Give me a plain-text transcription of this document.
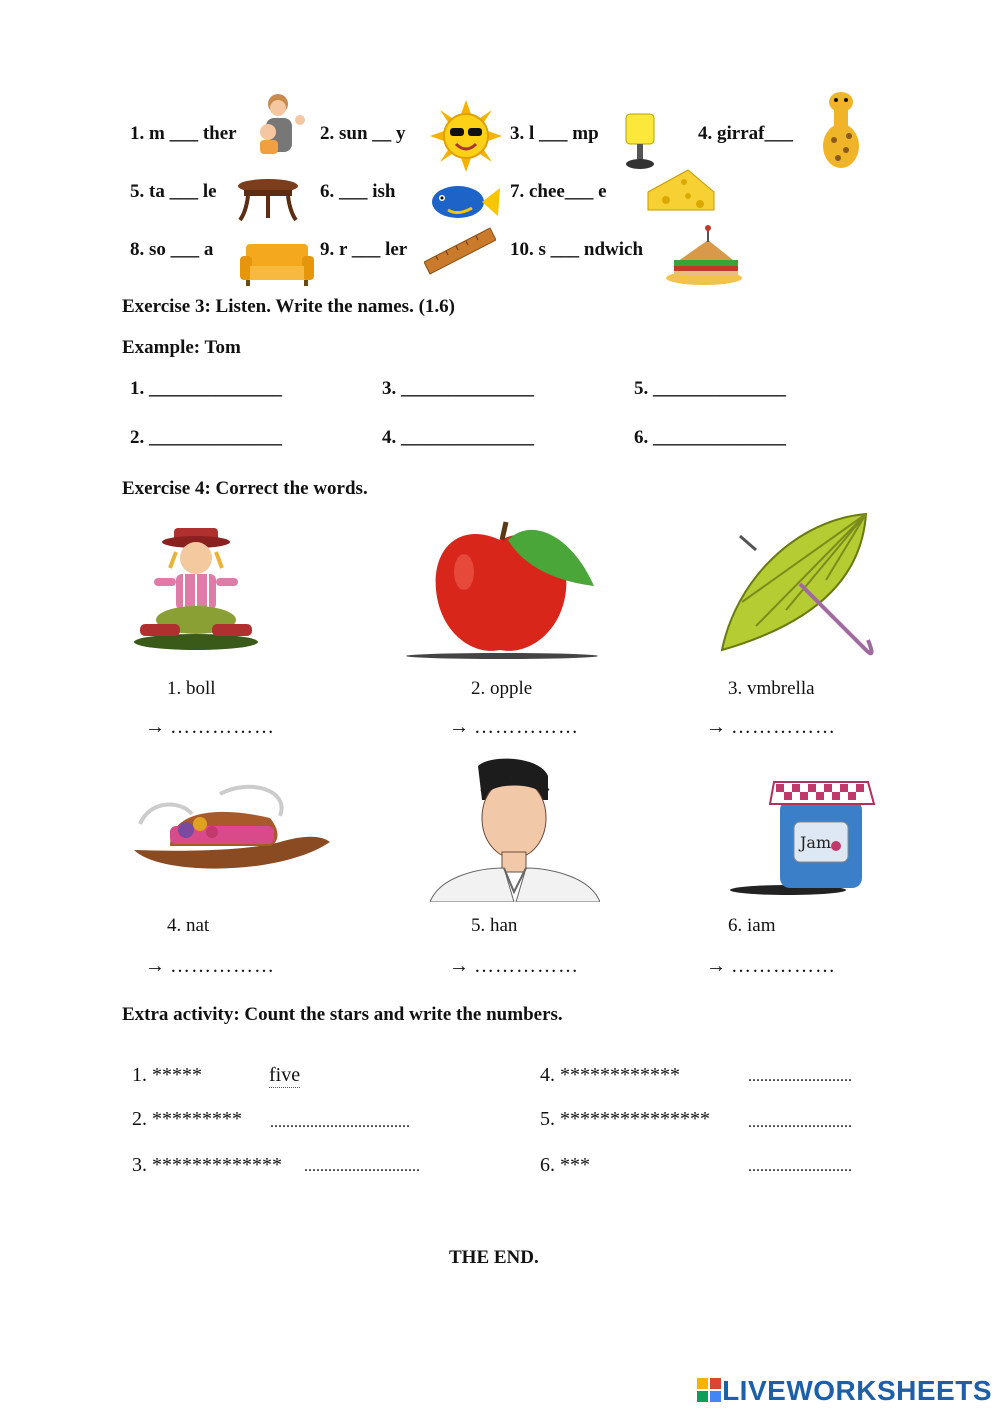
1. m ___ ther	2. sun __ y	3. l ___ mp	4. girraf___
5. ta ___ le	6. ___ ish	7. chee___ e
8. so ___ a	9. r ___ ler	10. s ___ ndwich
Exercise 3: Listen. Write the names. (1.6)
Example: Tom
1. ______________	3. ______________	5. ______________
2. ______________	4. ______________	6. ______________
Exercise 4: Correct the words.
1. boll	2. opple	3. vmbrella
→ ……………	→ ……………	→ ……………
Jam
4. nat	5. han	6. iam
→ ……………	→ ……………	→ ……………
Extra activity: Count the stars and write the numbers.
1. *****	five
2. ********* ...................................
3. ************* .............................
4. ************	..........................
5. *************** ..........................
6. ***	..........................
THE END.
LIVEWORKSHEETS
